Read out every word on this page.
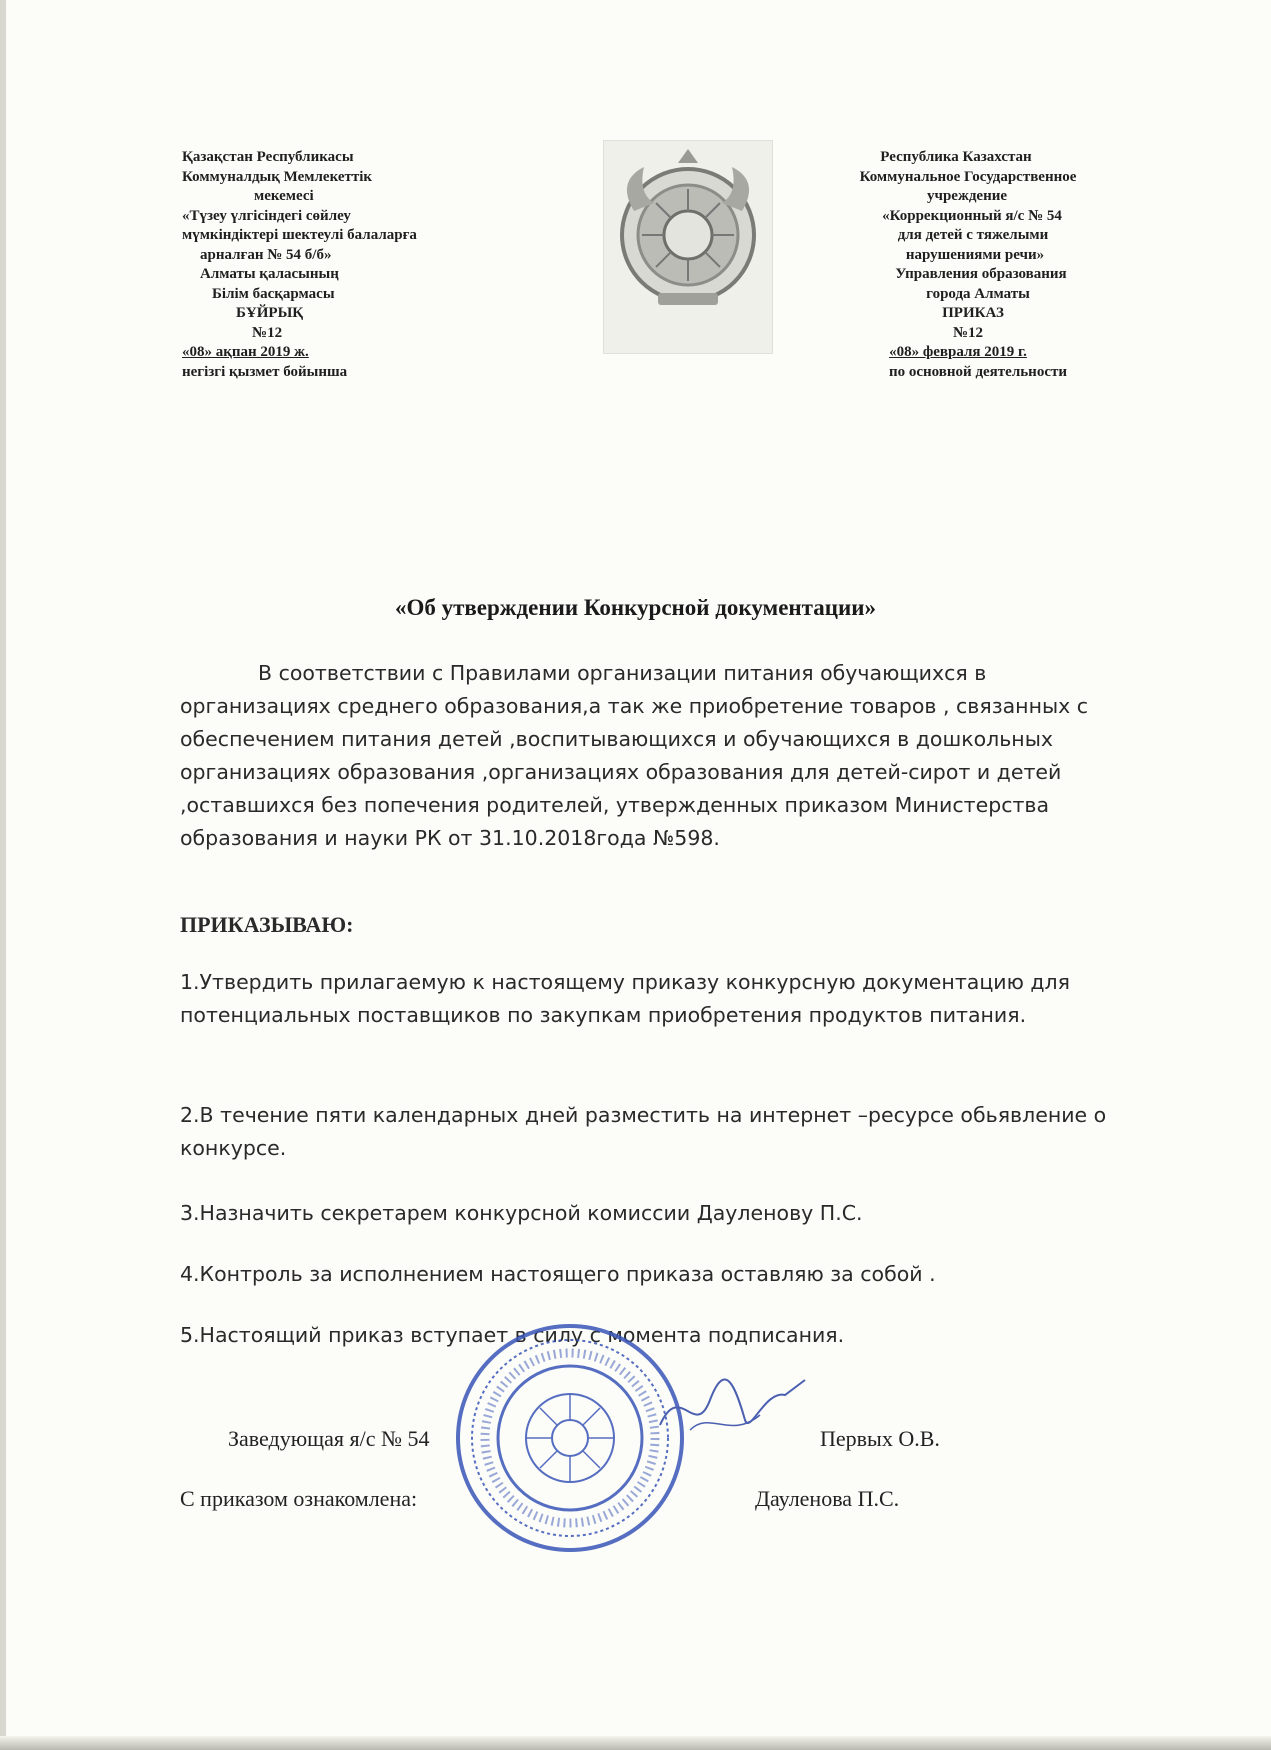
Қазақстан Республикасы
Коммуналдық Мемлекеттік
мекемесі
«Түзеу үлгісіндегі сөйлеу
мүмкіндіктері шектеулі балаларға
арналған № 54 б/б»
Алматы қаласының
Білім басқармасы
БҰЙРЫҚ
№12
«08» ақпан 2019 ж.
негізгі қызмет бойынша
Республика Казахстан
Коммунальное Государственное
учреждение
«Коррекционный я/с № 54
для детей с тяжелыми
нарушениями речи»
Управления образования
города Алматы
ПРИКАЗ
№12
«08» февраля 2019 г.
по основной деятельности
«Об утверждении Конкурсной документации»
В соответствии с Правилами организации питания обучающихся в организациях среднего образования,а так же приобретение товаров , связанных с обеспечением питания детей ,воспитывающихся и обучающихся в дошкольных организациях образования ,организациях образования для детей-сирот и детей ,оставшихся без попечения родителей, утвержденных приказом Министерства образования и науки РК от 31.10.2018года №598.
ПРИКАЗЫВАЮ:
1.Утвердить прилагаемую к настоящему приказу конкурсную документацию для потенциальных поставщиков по закупкам приобретения продуктов питания.
2.В течение пяти календарных дней разместить на интернет –ресурсе обьявление о конкурсе.
3.Назначить секретарем конкурсной комиссии Дауленову П.С.
4.Контроль за исполнением настоящего приказа оставляю за собой .
5.Настоящий приказ вступает в силу с момента подписания.
Заведующая я/с № 54	Первых О.В.
С приказом ознакомлена:	Дауленова П.С.
